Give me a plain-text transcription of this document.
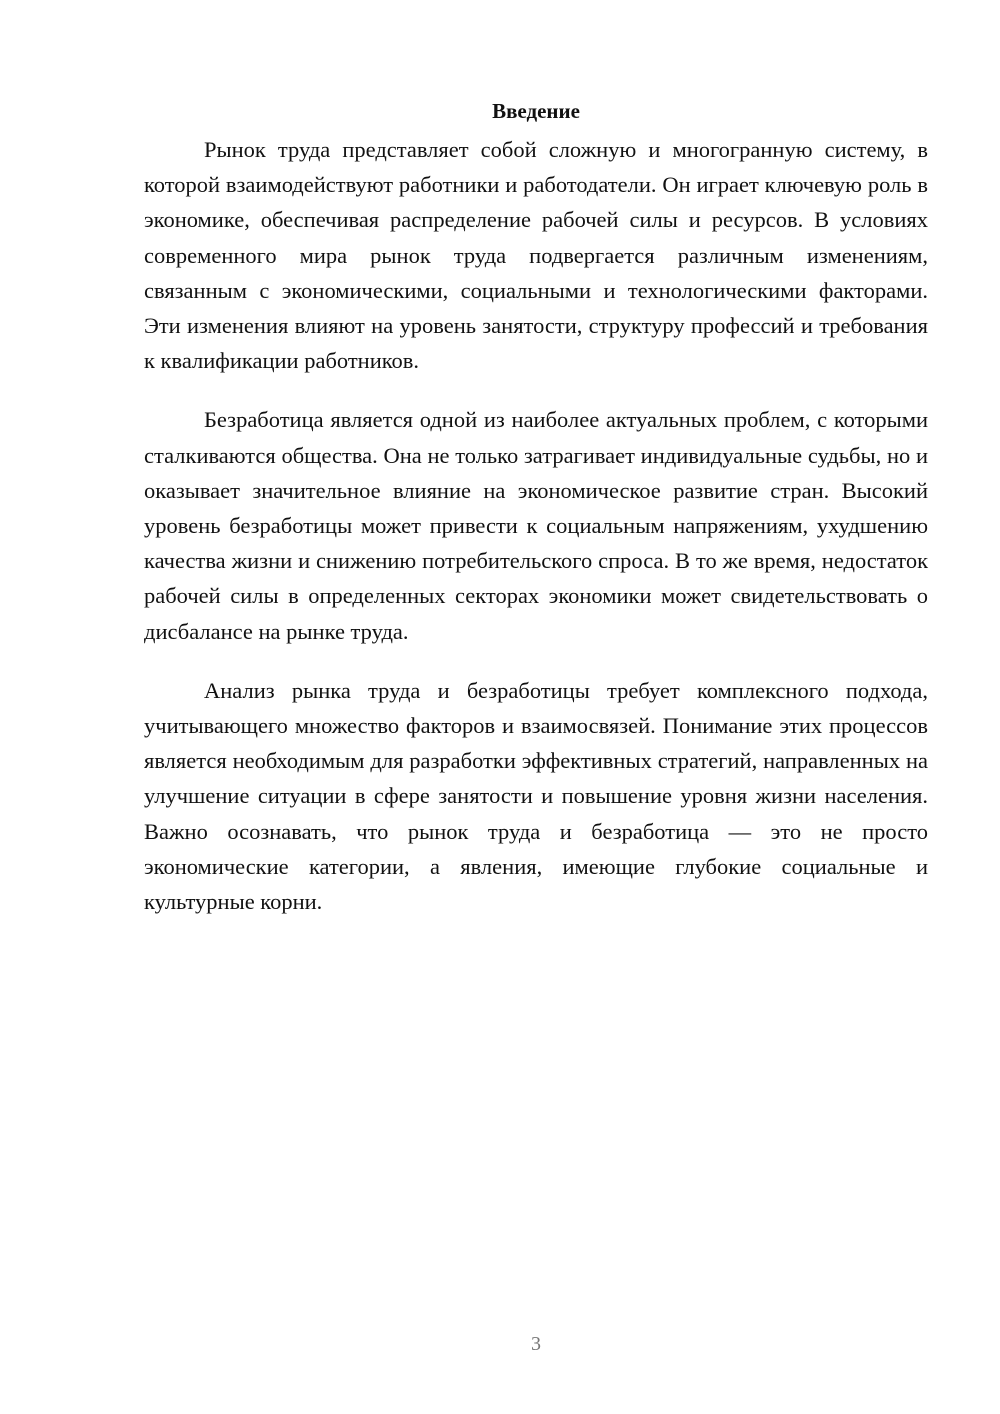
Введение

Рынок труда представляет собой сложную и многогранную систему, в которой взаимодействуют работники и работодатели. Он играет ключевую роль в экономике, обеспечивая распределение рабочей силы и ресурсов. В условиях современного мира рынок труда подвергается различным изменениям, связанным с экономическими, социальными и технологическими факторами. Эти изменения влияют на уровень занятости, структуру профессий и требования к квалификации работников.

Безработица является одной из наиболее актуальных проблем, с которыми сталкиваются общества. Она не только затрагивает индивидуальные судьбы, но и оказывает значительное влияние на экономическое развитие стран. Высокий уровень безработицы может привести к социальным напряжениям, ухудшению качества жизни и снижению потребительского спроса. В то же время, недостаток рабочей силы в определенных секторах экономики может свидетельствовать о дисбалансе на рынке труда.

Анализ рынка труда и безработицы требует комплексного подхода, учитывающего множество факторов и взаимосвязей. Понимание этих процессов является необходимым для разработки эффективных стратегий, направленных на улучшение ситуации в сфере занятости и повышение уровня жизни населения. Важно осознавать, что рынок труда и безработица — это не просто экономические категории, а явления, имеющие глубокие социальные и культурные корни.

3
